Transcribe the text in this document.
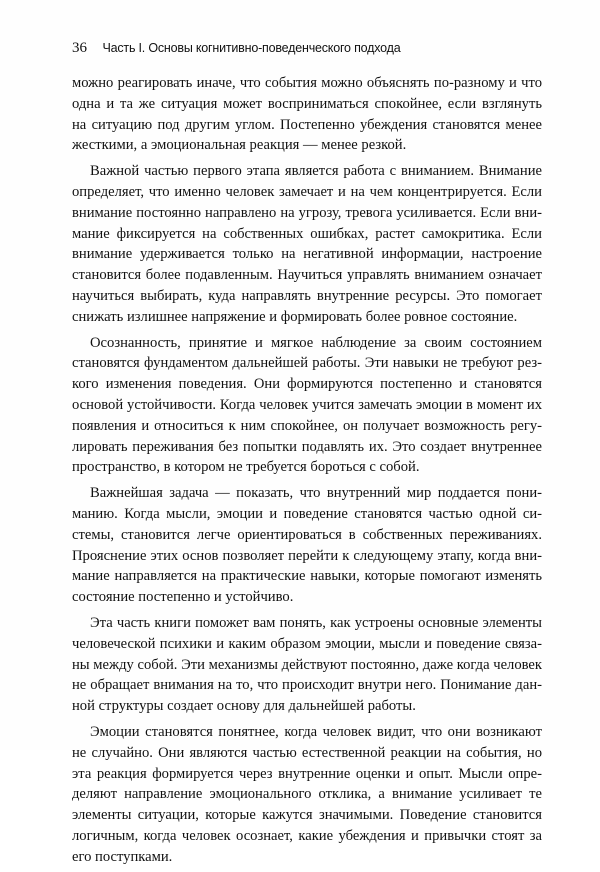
36 Часть I. Основы когнитивно-поведенческого подхода
можно реагировать иначе, что события можно объяснять по-разному и что
одна и та же ситуация может восприниматься спокойнее, если взглянуть
на ситуацию под другим углом. Постепенно убеждения становятся менее
жесткими, а эмоциональная реакция — менее резкой.
Важной частью первого этапа является работа с вниманием. Внимание
определяет, что именно человек замечает и на чем концентрируется. Если
внимание постоянно направлено на угрозу, тревога усиливается. Если вни-
мание фиксируется на собственных ошибках, растет самокритика. Если
внимание удерживается только на негативной информации, настроение
становится более подавленным. Научиться управлять вниманием означает
научиться выбирать, куда направлять внутренние ресурсы. Это помогает
снижать излишнее напряжение и формировать более ровное состояние.
Осознанность, принятие и мягкое наблюдение за своим состоянием
становятся фундаментом дальнейшей работы. Эти навыки не требуют рез-
кого изменения поведения. Они формируются постепенно и становятся
основой устойчивости. Когда человек учится замечать эмоции в момент их
появления и относиться к ним спокойнее, он получает возможность регу-
лировать переживания без попытки подавлять их. Это создает внутреннее
пространство, в котором не требуется бороться с собой.
Важнейшая задача — показать, что внутренний мир поддается пони-
манию. Когда мысли, эмоции и поведение становятся частью одной си-
стемы, становится легче ориентироваться в собственных переживаниях.
Прояснение этих основ позволяет перейти к следующему этапу, когда вни-
мание направляется на практические навыки, которые помогают изменять
состояние постепенно и устойчиво.
Эта часть книги поможет вам понять, как устроены основные элементы
человеческой психики и каким образом эмоции, мысли и поведение связа-
ны между собой. Эти механизмы действуют постоянно, даже когда человек
не обращает внимания на то, что происходит внутри него. Понимание дан-
ной структуры создает основу для дальнейшей работы.
Эмоции становятся понятнее, когда человек видит, что они возникают
не случайно. Они являются частью естественной реакции на события, но
эта реакция формируется через внутренние оценки и опыт. Мысли опре-
деляют направление эмоционального отклика, а внимание усиливает те
элементы ситуации, которые кажутся значимыми. Поведение становится
логичным, когда человек осознает, какие убеждения и привычки стоят за
его поступками.
